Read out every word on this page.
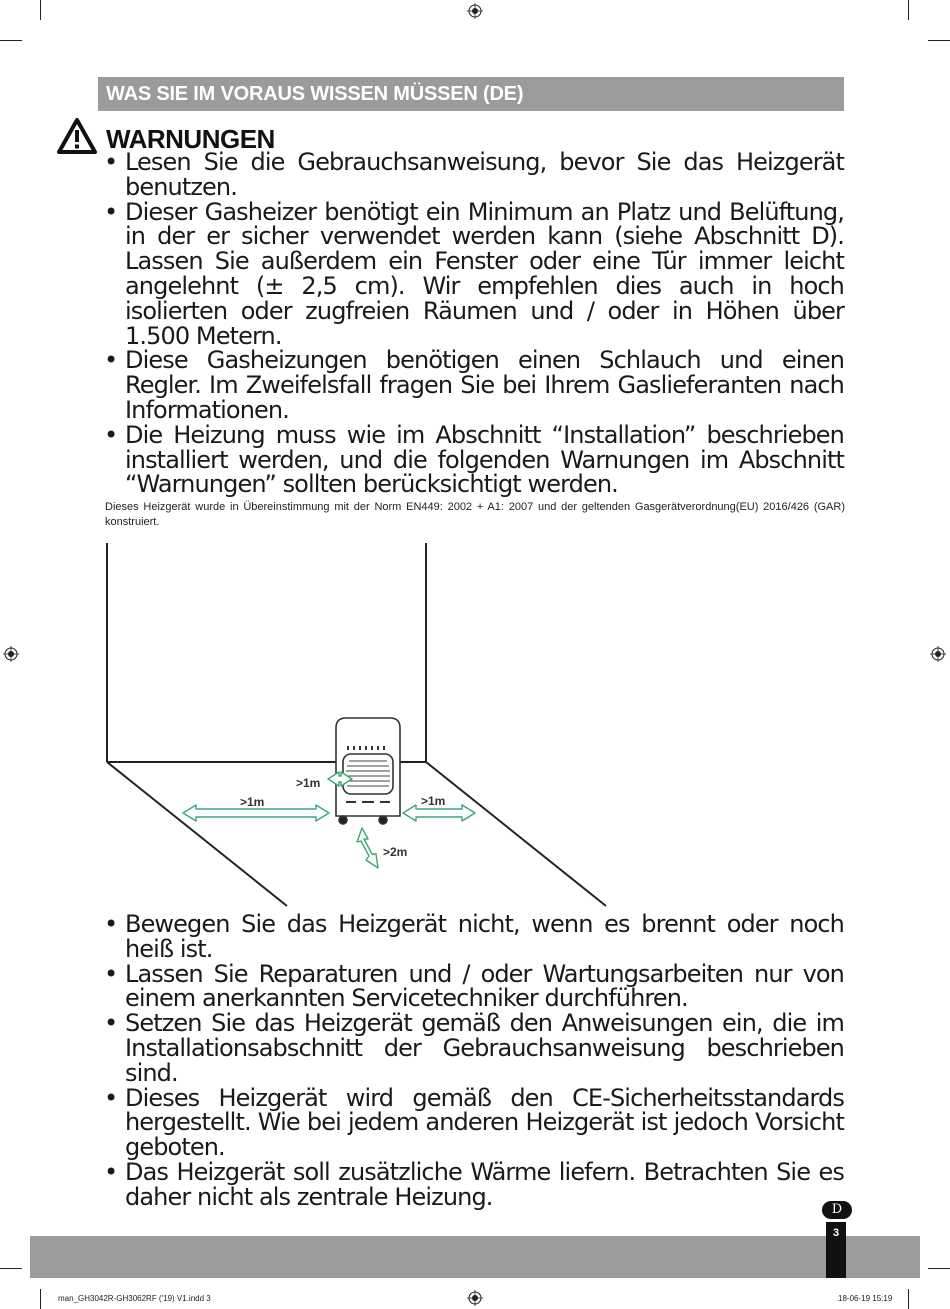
WAS SIE IM VORAUS WISSEN MÜSSEN (DE)
WARNUNGEN
• Lesen Sie die Gebrauchsanweisung, bevor Sie das Heizgerät benutzen.
• Dieser Gasheizer benötigt ein Minimum an Platz und Belüftung, in der er sicher verwendet werden kann (siehe Abschnitt D). Lassen Sie außerdem ein Fenster oder eine Tür immer leicht angelehnt (± 2,5 cm). Wir empfehlen dies auch in hoch isolierten oder zugfreien Räumen und / oder in Höhen über 1.500 Metern.
• Diese Gasheizungen benötigen einen Schlauch und einen Regler. Im Zweifelsfall fragen Sie bei Ihrem Gaslieferanten nach Informationen.
• Die Heizung muss wie im Abschnitt “Installation” beschrieben installiert werden, und die folgenden Warnungen im Abschnitt “Warnungen” sollten berücksichtigt werden.
Dieses Heizgerät wurde in Übereinstimmung mit der Norm EN449: 2002 + A1: 2007 und der geltenden Gasgerätverordnung(EU) 2016/426 (GAR) konstruiert.
>1m
>1m
>1m
>2m
• Bewegen Sie das Heizgerät nicht, wenn es brennt oder noch heiß ist.
• Lassen Sie Reparaturen und / oder Wartungsarbeiten nur von einem anerkannten Servicetechniker durchführen.
• Setzen Sie das Heizgerät gemäß den Anweisungen ein, die im Installationsabschnitt der Gebrauchsanweisung beschrieben sind.
• Dieses Heizgerät wird gemäß den CE-Sicherheitsstandards hergestellt. Wie bei jedem anderen Heizgerät ist jedoch Vorsicht geboten.
• Das Heizgerät soll zusätzliche Wärme liefern. Betrachten Sie es daher nicht als zentrale Heizung.	D
3
man_GH3042R-GH3062RF ('19) V1.indd 3	18-06-19 15:19
